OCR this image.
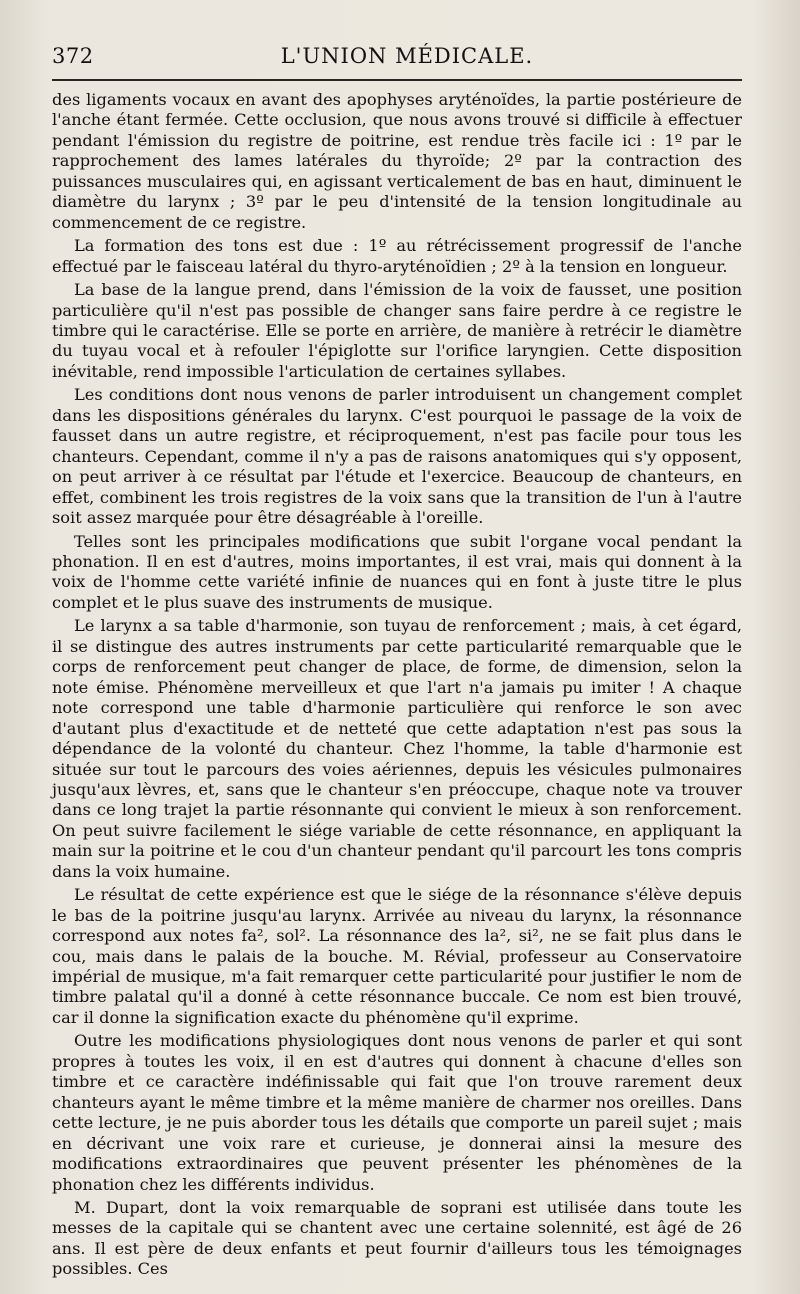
372	L'UNION MÉDICALE.

des ligaments vocaux en avant des apophyses aryténoïdes, la partie postérieure de l'anche étant fermée. Cette occlusion, que nous avons trouvé si difficile à effectuer pendant l'émission du registre de poitrine, est rendue très facile ici : 1º par le rapprochement des lames latérales du thyroïde; 2º par la contraction des puissances musculaires qui, en agissant verticalement de bas en haut, diminuent le diamètre du larynx ; 3º par le peu d'intensité de la tension longitudinale au commencement de ce registre.

La formation des tons est due : 1º au rétrécissement progressif de l'anche effectué par le faisceau latéral du thyro-aryténoïdien ; 2º à la tension en longueur.

La base de la langue prend, dans l'émission de la voix de fausset, une position particulière qu'il n'est pas possible de changer sans faire perdre à ce registre le timbre qui le caractérise. Elle se porte en arrière, de manière à retrécir le diamètre du tuyau vocal et à refouler l'épiglotte sur l'orifice laryngien. Cette disposition inévitable, rend impossible l'articulation de certaines syllabes.

Les conditions dont nous venons de parler introduisent un changement complet dans les dispositions générales du larynx. C'est pourquoi le passage de la voix de fausset dans un autre registre, et réciproquement, n'est pas facile pour tous les chanteurs. Cependant, comme il n'y a pas de raisons anatomiques qui s'y opposent, on peut arriver à ce résultat par l'étude et l'exercice. Beaucoup de chanteurs, en effet, combinent les trois registres de la voix sans que la transition de l'un à l'autre soit assez marquée pour être désagréable à l'oreille.

Telles sont les principales modifications que subit l'organe vocal pendant la phonation. Il en est d'autres, moins importantes, il est vrai, mais qui donnent à la voix de l'homme cette variété infinie de nuances qui en font à juste titre le plus complet et le plus suave des instruments de musique.

Le larynx a sa table d'harmonie, son tuyau de renforcement ; mais, à cet égard, il se distingue des autres instruments par cette particularité remarquable que le corps de renforcement peut changer de place, de forme, de dimension, selon la note émise. Phénomène merveilleux et que l'art n'a jamais pu imiter ! A chaque note correspond une table d'harmonie particulière qui renforce le son avec d'autant plus d'exactitude et de netteté que cette adaptation n'est pas sous la dépendance de la volonté du chanteur. Chez l'homme, la table d'harmonie est située sur tout le parcours des voies aériennes, depuis les vésicules pulmonaires jusqu'aux lèvres, et, sans que le chanteur s'en préoccupe, chaque note va trouver dans ce long trajet la partie résonnante qui convient le mieux à son renforcement. On peut suivre facilement le siége variable de cette résonnance, en appliquant la main sur la poitrine et le cou d'un chanteur pendant qu'il parcourt les tons compris dans la voix humaine.

Le résultat de cette expérience est que le siége de la résonnance s'élève depuis le bas de la poitrine jusqu'au larynx. Arrivée au niveau du larynx, la résonnance correspond aux notes fa², sol². La résonnance des la², si², ne se fait plus dans le cou, mais dans le palais de la bouche. M. Révial, professeur au Conservatoire impérial de musique, m'a fait remarquer cette particularité pour justifier le nom de timbre palatal qu'il a donné à cette résonnance buccale. Ce nom est bien trouvé, car il donne la signification exacte du phénomène qu'il exprime.

Outre les modifications physiologiques dont nous venons de parler et qui sont propres à toutes les voix, il en est d'autres qui donnent à chacune d'elles son timbre et ce caractère indéfinissable qui fait que l'on trouve rarement deux chanteurs ayant le même timbre et la même manière de charmer nos oreilles. Dans cette lecture, je ne puis aborder tous les détails que comporte un pareil sujet ; mais en décrivant une voix rare et curieuse, je donnerai ainsi la mesure des modifications extraordinaires que peuvent présenter les phénomènes de la phonation chez les différents individus.

M. Dupart, dont la voix remarquable de soprani est utilisée dans toute les messes de la capitale qui se chantent avec une certaine solennité, est âgé de 26 ans. Il est père de deux enfants et peut fournir d'ailleurs tous les témoignages possibles. Ces
